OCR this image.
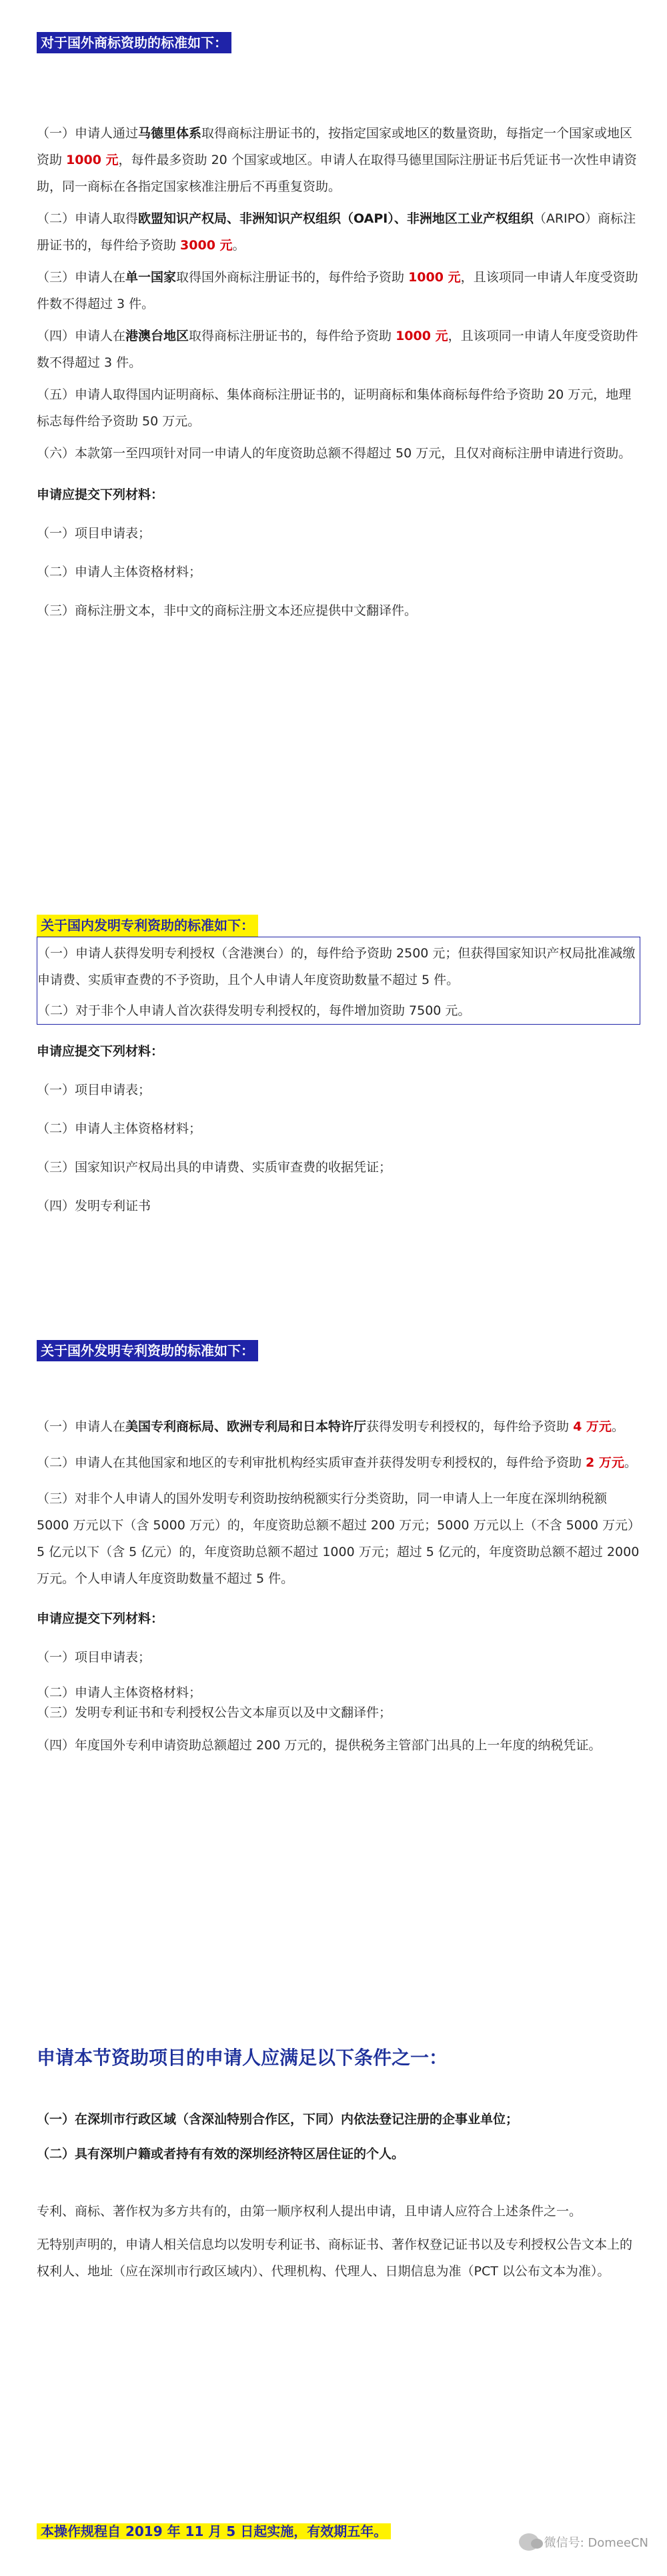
对于国外商标资助的标准如下：

（一）申请人通过马德里体系取得商标注册证书的，按指定国家或地区的数量资助，每指定一个国家或地区资助 1000 元，每件最多资助 20 个国家或地区。申请人在取得马德里国际注册证书后凭证书一次性申请资助，同一商标在各指定国家核准注册后不再重复资助。

（二）申请人取得欧盟知识产权局、非洲知识产权组织（OAPI）、非洲地区工业产权组织（ARIPO）商标注册证书的，每件给予资助 3000 元。

（三）申请人在单一国家取得国外商标注册证书的，每件给予资助 1000 元，且该项同一申请人年度受资助件数不得超过 3 件。

（四）申请人在港澳台地区取得商标注册证书的，每件给予资助 1000 元，且该项同一申请人年度受资助件数不得超过 3 件。

（五）申请人取得国内证明商标、集体商标注册证书的，证明商标和集体商标每件给予资助 20 万元，地理标志每件给予资助 50 万元。

（六）本款第一至四项针对同一申请人的年度资助总额不得超过 50 万元，且仅对商标注册申请进行资助。

申请应提交下列材料：

（一）项目申请表；

（二）申请人主体资格材料；

（三）商标注册文本，非中文的商标注册文本还应提供中文翻译件。

关于国内发明专利资助的标准如下：

（一）申请人获得发明专利授权（含港澳台）的，每件给予资助 2500 元；但获得国家知识产权局批准减缴申请费、实质审查费的不予资助，且个人申请人年度资助数量不超过 5 件。

（二）对于非个人申请人首次获得发明专利授权的，每件增加资助 7500 元。

申请应提交下列材料：

（一）项目申请表；

（二）申请人主体资格材料；

（三）国家知识产权局出具的申请费、实质审查费的收据凭证；

（四）发明专利证书

关于国外发明专利资助的标准如下：

（一）申请人在美国专利商标局、欧洲专利局和日本特许厅获得发明专利授权的，每件给予资助 4 万元。

（二）申请人在其他国家和地区的专利审批机构经实质审查并获得发明专利授权的，每件给予资助 2 万元。

（三）对非个人申请人的国外发明专利资助按纳税额实行分类资助，同一申请人上一年度在深圳纳税额 5000 万元以下（含 5000 万元）的，年度资助总额不超过 200 万元；5000 万元以上（不含 5000 万元）5 亿元以下（含 5 亿元）的，年度资助总额不超过 1000 万元；超过 5 亿元的，年度资助总额不超过 2000 万元。个人申请人年度资助数量不超过 5 件。

申请应提交下列材料：

（一）项目申请表；

（二）申请人主体资格材料；

（三）发明专利证书和专利授权公告文本扉页以及中文翻译件；

（四）年度国外专利申请资助总额超过 200 万元的，提供税务主管部门出具的上一年度的纳税凭证。

申请本节资助项目的申请人应满足以下条件之一：

（一）在深圳市行政区域（含深汕特别合作区，下同）内依法登记注册的企事业单位；

（二）具有深圳户籍或者持有有效的深圳经济特区居住证的个人。

专利、商标、著作权为多方共有的，由第一顺序权利人提出申请，且申请人应符合上述条件之一。

无特别声明的，申请人相关信息均以发明专利证书、商标证书、著作权登记证书以及专利授权公告文本上的权利人、地址（应在深圳市行政区域内）、代理机构、代理人、日期信息为准（PCT 以公布文本为准）。

本操作规程自 2019 年 11 月 5 日起实施，有效期五年。
微信号: DomeeCN
